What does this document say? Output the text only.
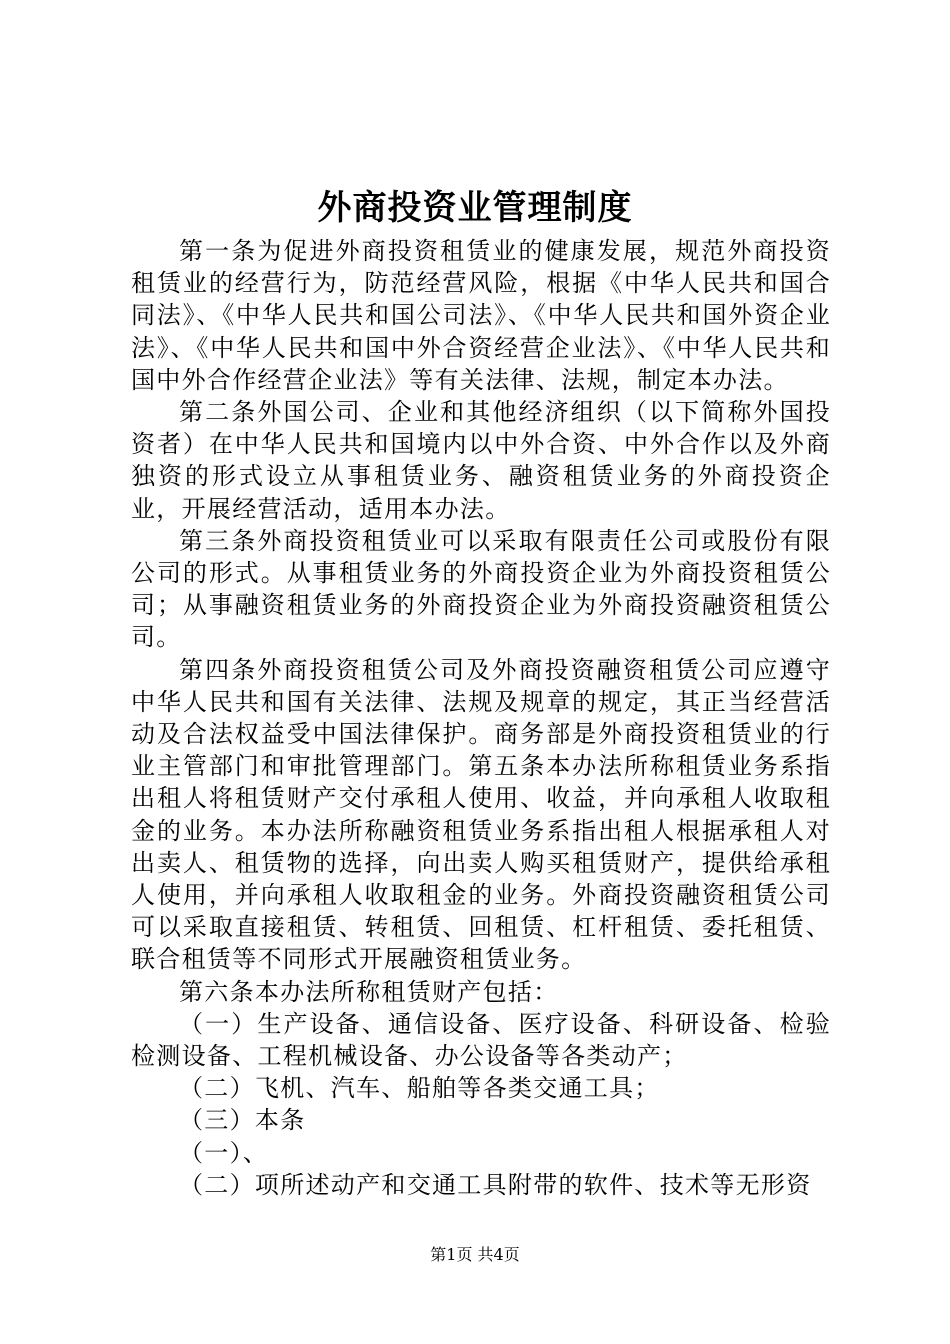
外商投资业管理制度

第一条为促进外商投资租赁业的健康发展，规范外商投资租赁业的经营行为，防范经营风险，根据《中华人民共和国合同法》、《中华人民共和国公司法》、《中华人民共和国外资企业法》、《中华人民共和国中外合资经营企业法》、《中华人民共和国中外合作经营企业法》等有关法律、法规，制定本办法。

第二条外国公司、企业和其他经济组织（以下简称外国投资者）在中华人民共和国境内以中外合资、中外合作以及外商独资的形式设立从事租赁业务、融资租赁业务的外商投资企业，开展经营活动，适用本办法。

第三条外商投资租赁业可以采取有限责任公司或股份有限公司的形式。从事租赁业务的外商投资企业为外商投资租赁公司；从事融资租赁业务的外商投资企业为外商投资融资租赁公司。

第四条外商投资租赁公司及外商投资融资租赁公司应遵守中华人民共和国有关法律、法规及规章的规定，其正当经营活动及合法权益受中国法律保护。商务部是外商投资租赁业的行业主管部门和审批管理部门。第五条本办法所称租赁业务系指出租人将租赁财产交付承租人使用、收益，并向承租人收取租金的业务。本办法所称融资租赁业务系指出租人根据承租人对出卖人、租赁物的选择，向出卖人购买租赁财产，提供给承租人使用，并向承租人收取租金的业务。外商投资融资租赁公司可以采取直接租赁、转租赁、回租赁、杠杆租赁、委托租赁、联合租赁等不同形式开展融资租赁业务。

第六条本办法所称租赁财产包括：

（一）生产设备、通信设备、医疗设备、科研设备、检验检测设备、工程机械设备、办公设备等各类动产；

（二）飞机、汽车、船舶等各类交通工具；

（三）本条

（一）、

（二）项所述动产和交通工具附带的软件、技术等无形资

第1页 共4页
